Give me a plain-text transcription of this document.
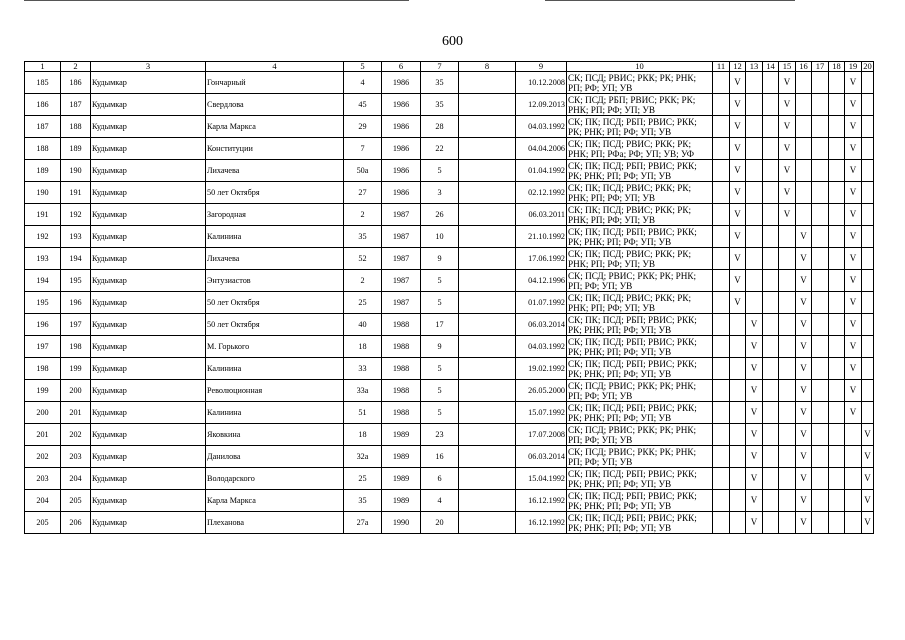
600
1	2	3	4	5	6	7	8	9	10	11	12	13	14	15	16	17	18	19	20
185	186	Кудымкар	Гончарный	4	1986	35		10.12.2008	СК; ПСД; РВИС; РКК; РК; РНК; РП; РФ; УП; УВ		V			V				V	
186	187	Кудымкар	Свердлова	45	1986	35		12.09.2013	СК; ПСД; РБП; РВИС; РКК; РК; РНК; РП; РФ; УП; УВ		V			V				V	
187	188	Кудымкар	Карла Маркса	29	1986	28		04.03.1992	СК; ПК; ПСД; РБП; РВИС; РКК; РК; РНК; РП; РФ; УП; УВ		V			V				V	
188	189	Кудымкар	Конституции	7	1986	22		04.04.2006	СК; ПК; ПСД; РВИС; РКК; РК; РНК; РП; РФа; РФ; УП; УВ; УФ		V			V				V	
189	190	Кудымкар	Лихачева	50а	1986	5		01.04.1992	СК; ПК; ПСД; РБП; РВИС; РКК; РК; РНК; РП; РФ; УП; УВ		V			V				V	
190	191	Кудымкар	50 лет Октября	27	1986	3		02.12.1992	СК; ПК; ПСД; РВИС; РКК; РК; РНК; РП; РФ; УП; УВ		V			V				V	
191	192	Кудымкар	Загородная	2	1987	26		06.03.2011	СК; ПК; ПСД; РВИС; РКК; РК; РНК; РП; РФ; УП; УВ		V			V				V	
192	193	Кудымкар	Калинина	35	1987	10		21.10.1992	СК; ПК; ПСД; РБП; РВИС; РКК; РК; РНК; РП; РФ; УП; УВ		V				V			V	
193	194	Кудымкар	Лихачева	52	1987	9		17.06.1992	СК; ПК; ПСД; РВИС; РКК; РК; РНК; РП; РФ; УП; УВ		V				V			V	
194	195	Кудымкар	Энтузиастов	2	1987	5		04.12.1996	СК; ПСД; РВИС; РКК; РК; РНК; РП; РФ; УП; УВ		V				V			V	
195	196	Кудымкар	50 лет Октября	25	1987	5		01.07.1992	СК; ПК; ПСД; РВИС; РКК; РК; РНК; РП; РФ; УП; УВ		V				V			V	
196	197	Кудымкар	50 лет Октября	40	1988	17		06.03.2014	СК; ПК; ПСД; РБП; РВИС; РКК; РК; РНК; РП; РФ; УП; УВ			V			V			V	
197	198	Кудымкар	М. Горького	18	1988	9		04.03.1992	СК; ПК; ПСД; РБП; РВИС; РКК; РК; РНК; РП; РФ; УП; УВ			V			V			V	
198	199	Кудымкар	Калинина	33	1988	5		19.02.1992	СК; ПК; ПСД; РБП; РВИС; РКК; РК; РНК; РП; РФ; УП; УВ			V			V			V	
199	200	Кудымкар	Революционная	33а	1988	5		26.05.2000	СК; ПСД; РВИС; РКК; РК; РНК; РП; РФ; УП; УВ			V			V			V	
200	201	Кудымкар	Калинина	51	1988	5		15.07.1992	СК; ПК; ПСД; РБП; РВИС; РКК; РК; РНК; РП; РФ; УП; УВ			V			V			V	
201	202	Кудымкар	Яковкина	18	1989	23		17.07.2008	СК; ПСД; РВИС; РКК; РК; РНК; РП; РФ; УП; УВ			V			V				V
202	203	Кудымкар	Данилова	32а	1989	16		06.03.2014	СК; ПСД; РВИС; РКК; РК; РНК; РП; РФ; УП; УВ			V			V				V
203	204	Кудымкар	Володарского	25	1989	6		15.04.1992	СК; ПК; ПСД; РБП; РВИС; РКК; РК; РНК; РП; РФ; УП; УВ			V			V				V
204	205	Кудымкар	Карла Маркса	35	1989	4		16.12.1992	СК; ПК; ПСД; РБП; РВИС; РКК; РК; РНК; РП; РФ; УП; УВ			V			V				V
205	206	Кудымкар	Плеханова	27а	1990	20		16.12.1992	СК; ПК; ПСД; РБП; РВИС; РКК; РК; РНК; РП; РФ; УП; УВ			V			V				V
